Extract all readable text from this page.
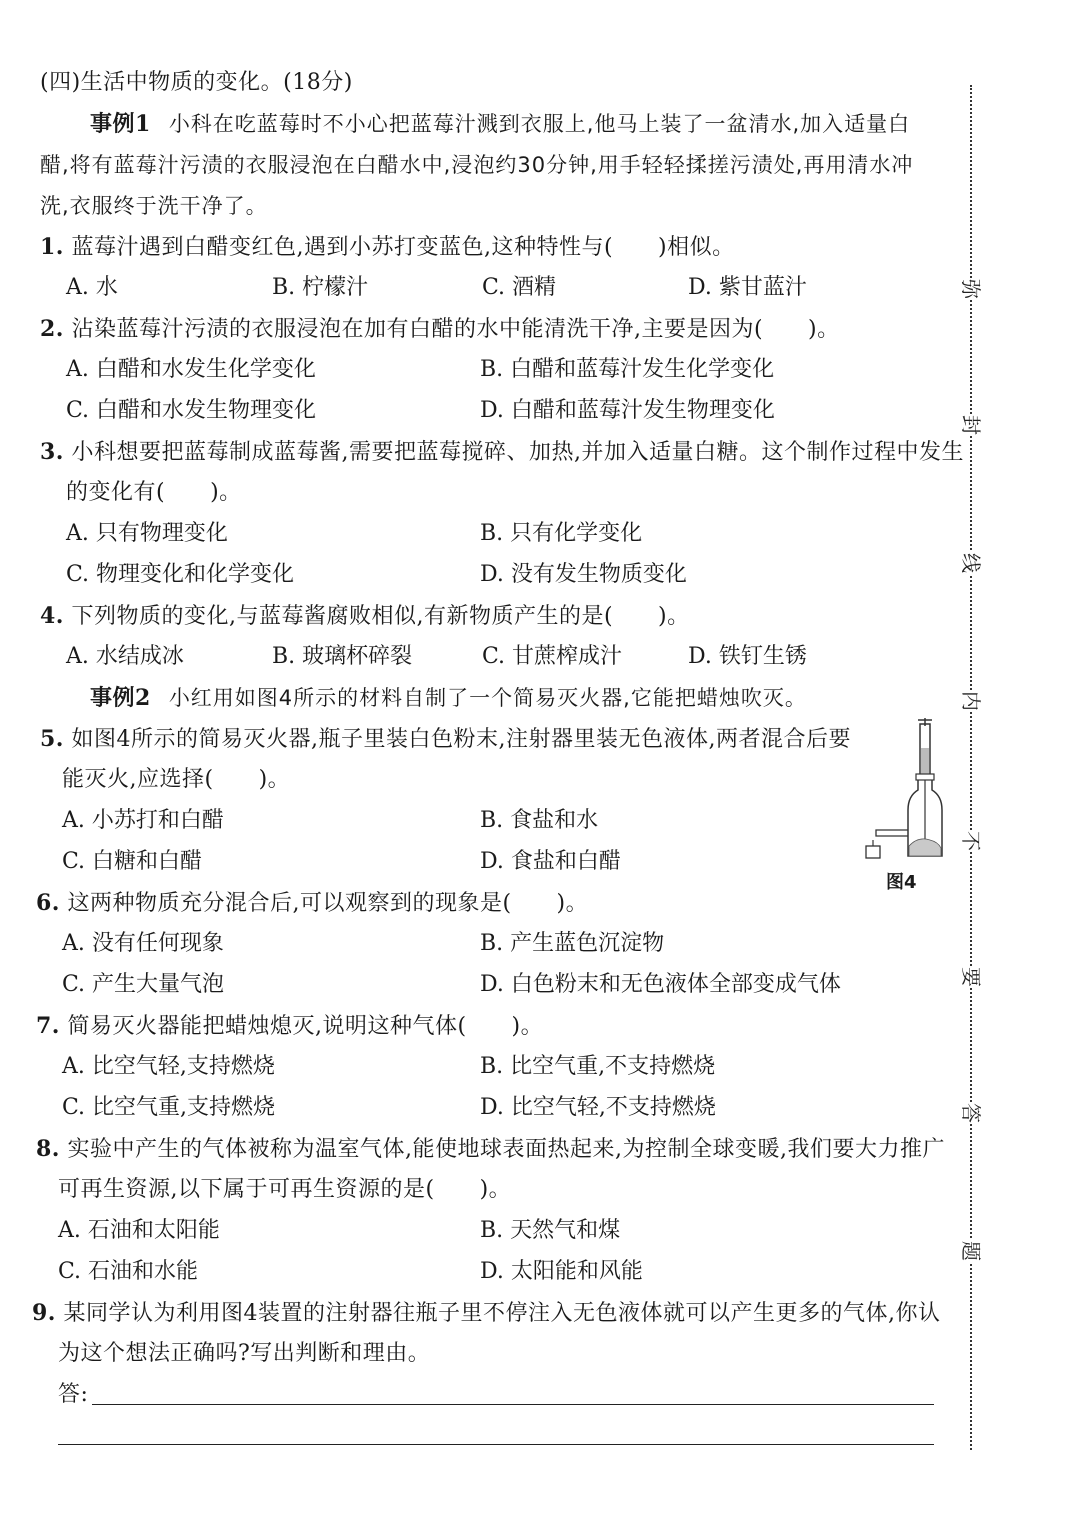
(四)生活中物质的变化。(18分)
事例1 小科在吃蓝莓时不小心把蓝莓汁溅到衣服上,他马上装了一盆清水,加入适量白
醋,将有蓝莓汁污渍的衣服浸泡在白醋水中,浸泡约30分钟,用手轻轻揉搓污渍处,再用清水冲
洗,衣服终于洗干净了。
1. 蓝莓汁遇到白醋变红色,遇到小苏打变蓝色,这种特性与(　　)相似。
A. 水	B. 柠檬汁	C. 酒精	D. 紫甘蓝汁
2. 沾染蓝莓汁污渍的衣服浸泡在加有白醋的水中能清洗干净,主要是因为(　　)。
A. 白醋和水发生化学变化	B. 白醋和蓝莓汁发生化学变化
C. 白醋和水发生物理变化	D. 白醋和蓝莓汁发生物理变化
3. 小科想要把蓝莓制成蓝莓酱,需要把蓝莓搅碎、加热,并加入适量白糖。这个制作过程中发生
的变化有(　　)。
A. 只有物理变化	B. 只有化学变化
C. 物理变化和化学变化	D. 没有发生物质变化
4. 下列物质的变化,与蓝莓酱腐败相似,有新物质产生的是(　　)。
A. 水结成冰	B. 玻璃杯碎裂	C. 甘蔗榨成汁	D. 铁钉生锈
事例2 小红用如图4所示的材料自制了一个简易灭火器,它能把蜡烛吹灭。
5. 如图4所示的简易灭火器,瓶子里装白色粉末,注射器里装无色液体,两者混合后要
能灭火,应选择(　　)。
A. 小苏打和白醋	B. 食盐和水
C. 白糖和白醋	D. 食盐和白醋
图4
6. 这两种物质充分混合后,可以观察到的现象是(　　)。
A. 没有任何现象	B. 产生蓝色沉淀物
C. 产生大量气泡	D. 白色粉末和无色液体全部变成气体
7. 简易灭火器能把蜡烛熄灭,说明这种气体(　　)。
A. 比空气轻,支持燃烧	B. 比空气重,不支持燃烧
C. 比空气重,支持燃烧	D. 比空气轻,不支持燃烧
8. 实验中产生的气体被称为温室气体,能使地球表面热起来,为控制全球变暖,我们要大力推广
可再生资源,以下属于可再生资源的是(　　)。
A. 石油和太阳能	B. 天然气和煤
C. 石油和水能	D. 太阳能和风能
9. 某同学认为利用图4装置的注射器往瓶子里不停注入无色液体就可以产生更多的气体,你认
为这个想法正确吗?写出判断和理由。
答:
弥
封
线
内
不
要
答
题
